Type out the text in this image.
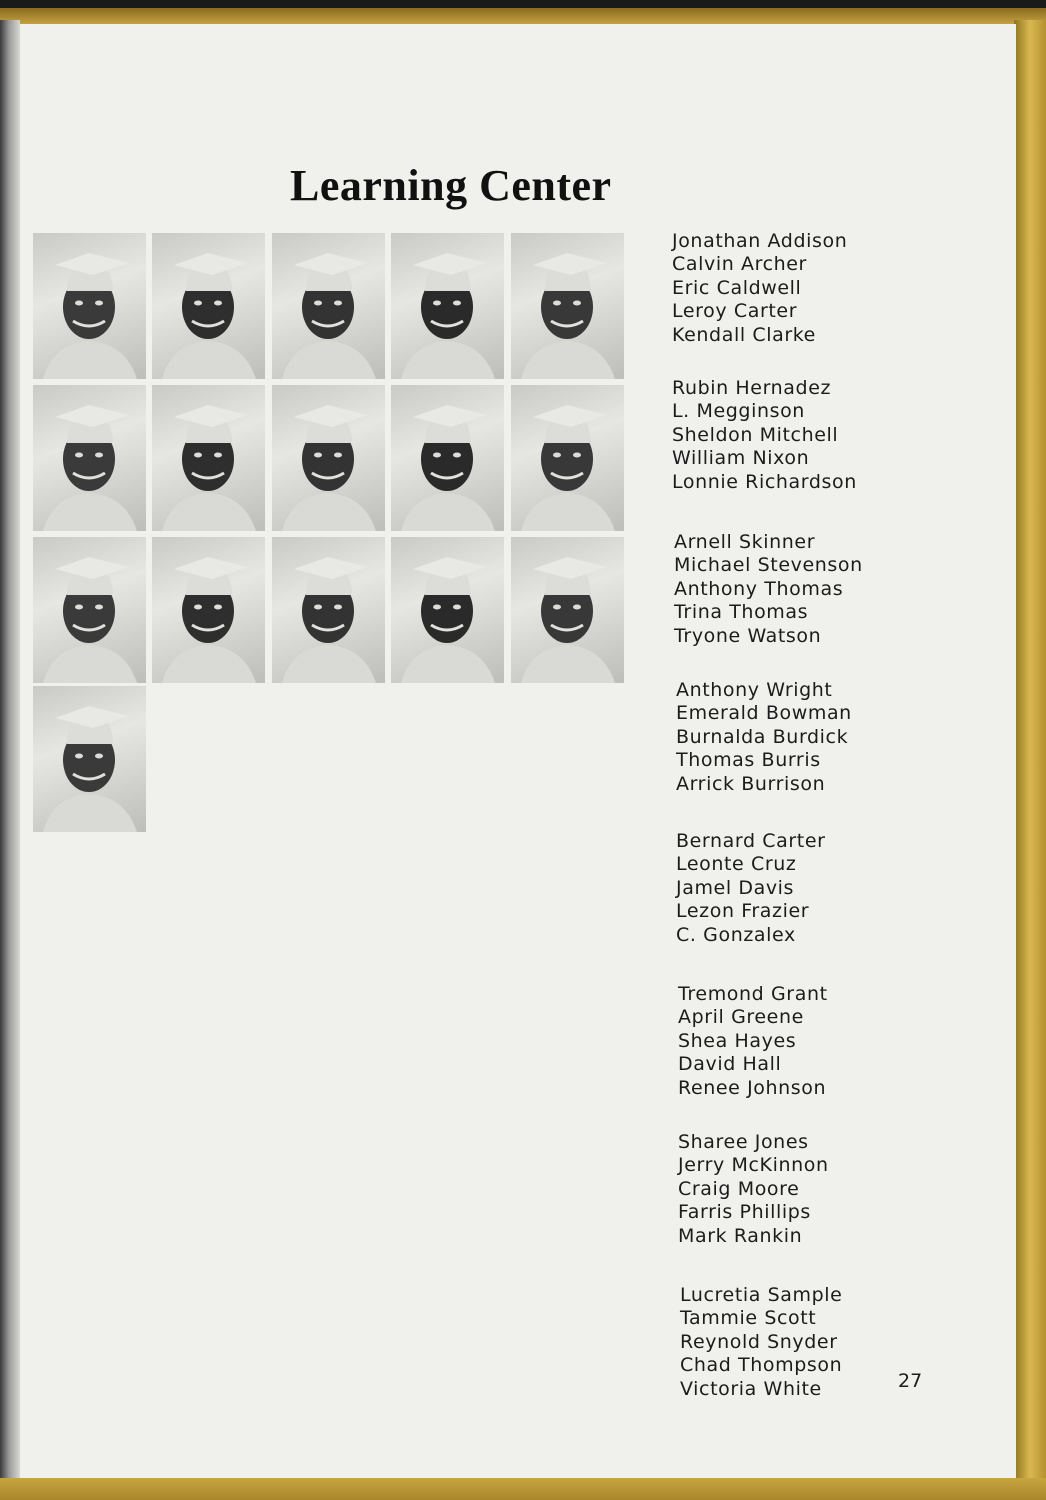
Learning Center
Jonathan Addison
Calvin Archer
Eric Caldwell
Leroy Carter
Kendall Clarke
Rubin Hernadez
L. Megginson
Sheldon Mitchell
William Nixon
Lonnie Richardson
Arnell Skinner
Michael Stevenson
Anthony Thomas
Trina Thomas
Tryone Watson
Anthony Wright
Emerald Bowman
Burnalda Burdick
Thomas Burris
Arrick Burrison
Bernard Carter
Leonte Cruz
Jamel Davis
Lezon Frazier
C. Gonzalex
Tremond Grant
April Greene
Shea Hayes
David Hall
Renee Johnson
Sharee Jones
Jerry McKinnon
Craig Moore
Farris Phillips
Mark Rankin
Lucretia Sample
Tammie Scott
Reynold Snyder
Chad Thompson
Victoria White	27
